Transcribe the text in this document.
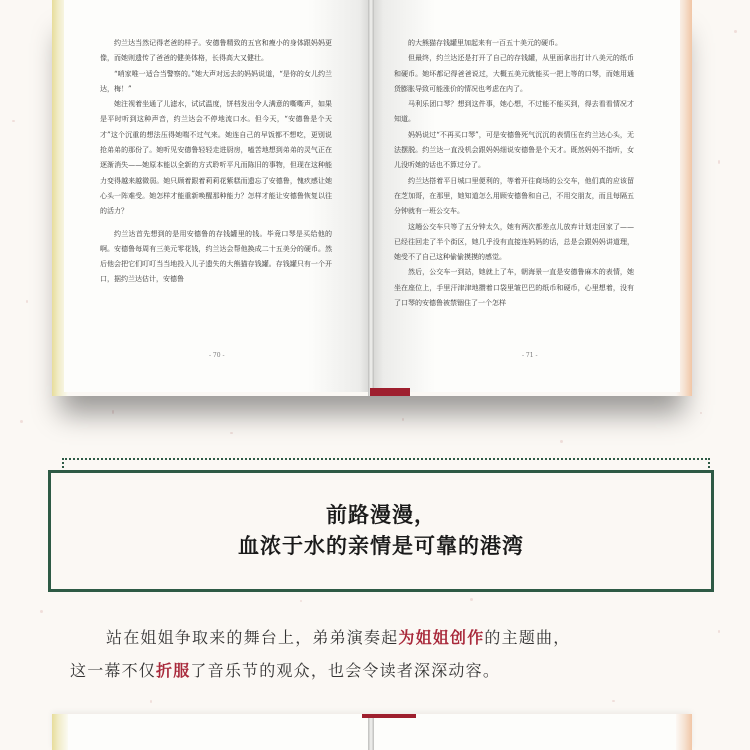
约兰达当然记得老爸的样子。安德鲁精致的五官和瘦小的身体跟妈妈更像，而她则遗传了爸爸的健美体格，长得高大又健壮。

“哨家唯一适合当警察的。”她大声对远去的妈妈说道，“是你的女儿约兰达，梅！”

她注视着坐通了儿滤水，试试温度，饼档发出令人满意的嘶嘶声，如果是平时听到这种声音，约兰达会不停地流口水。但今天，“安德鲁是个天才”这个沉重的想法压得她喘不过气来。她连自己的早饭都不想吃，更别说抢弟弟的那份了。她听见安德鲁轻轻走进厨房，嗑苦地想到弟弟的灵气正在逐渐消失——她原本能以全新的方式聆听平凡而陈旧的事物，但现在这种能力变得越来越微弱。她只顾着跟着莉莉花紫糕而遗忘了安德鲁，愧疚感让她心头一阵难受。她怎样才能重新唤醒那种能力？怎样才能让安德鲁恢复以往的活力？

约兰达首先想到的是用安德鲁的存钱罐里的钱。毕竟口琴是买给他的啊。安德鲁每周有三美元零花钱，约兰达会帮他换成二十五美分的硬币。然后他会把它们叮叮当当地投入儿子遗失的大熊猫存钱罐。存钱罐只有一个开口，据约兰达估计，安德鲁

- 70 -

的大熊猫存钱罐里加起来有一百五十美元的硬币。

但最终，约兰达还是打开了自己的存钱罐，从里面拿出打计八美元的纸币和硬币。她坏都记得爸爸说过，大概五美元就能买一把上等的口琴，而她用通货膨胀导致可能涨价的情况也考虑在内了。

马利乐团口琴？想到这件事，她心想，不过能不能买到，得去看看情况才知道。

妈妈说过“不再买口琴”，可是安德鲁死气沉沉的表情压在约兰达心头，无法摆脱。约兰达一直没机会跟妈妈细说安德鲁是个天才。既然妈妈不指听，女儿没听她的话也不算过分了。

约兰达搭着平日城口里便利的，等着开往商场的公交车，他们真的应该留在芝加哥，在那里，她知道怎么用顾安德鲁和自己，不用交朋友，而且每隔五分钟就有一班公交车。

这趟公交车只等了五分钟太久，她有两次都差点儿放弃计划走回家了——已经往回走了半个街区，她几乎没有直接连妈妈的话，总是会跟妈妈讲道理，她受不了自己这种偷偷摸摸的感觉。

然后，公交车一到站，她就上了车，朝海景一直是安德鲁麻木的表情，她坐在座位上，手里汗津津地攒着口袋里皱巴巴的纸币和硬币，心里想着，没有了口琴的安德鲁被禁锢住了一个怎样

- 71 -
前路漫漫，
血浓于水的亲情是可靠的港湾
站在姐姐争取来的舞台上，弟弟演奏起为姐姐创作的主题曲，
这一幕不仅折服了音乐节的观众，也会令读者深深动容。
